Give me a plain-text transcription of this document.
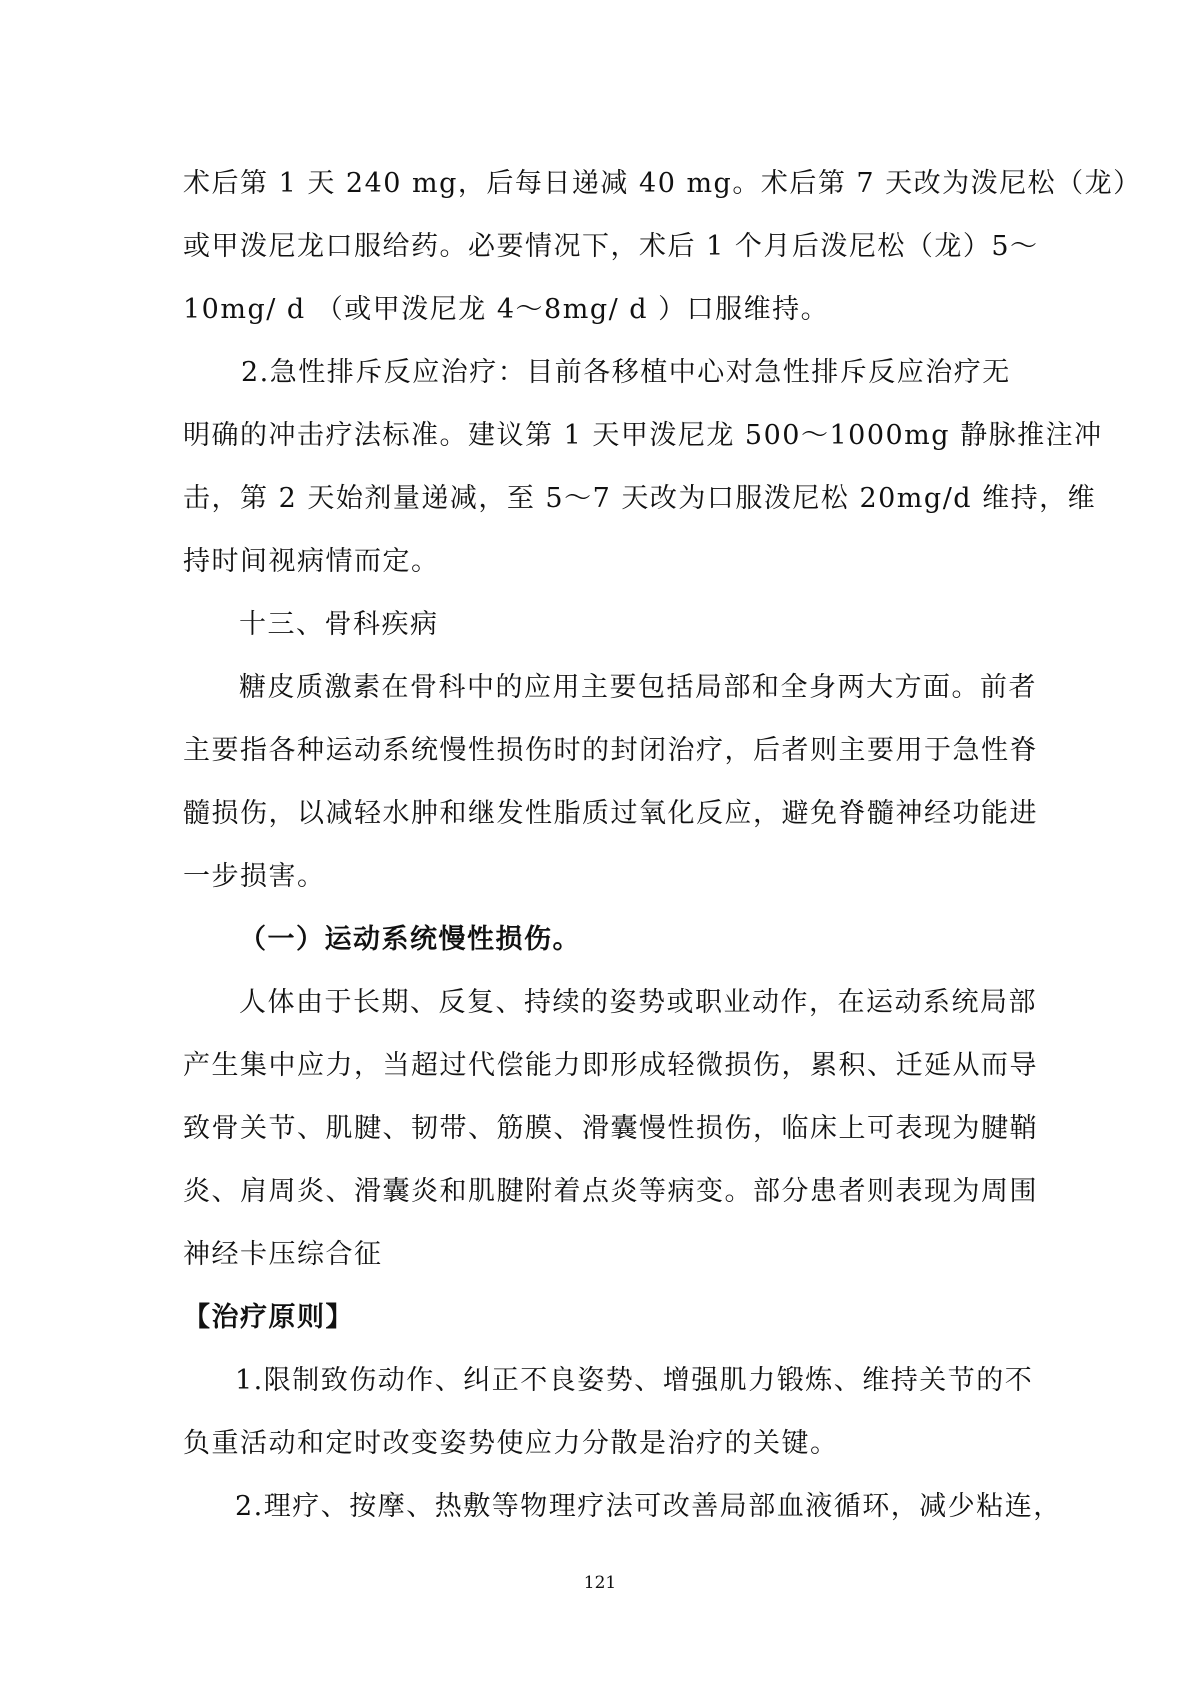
术后第 1 天 240 mg，后每日递减 40 mg。术后第 7 天改为泼尼松（龙）
或甲泼尼龙口服给药。必要情况下，术后 1 个月后泼尼松（龙）5～
10mg/ d （或甲泼尼龙 4～8mg/ d ）口服维持。
2.急性排斥反应治疗：目前各移植中心对急性排斥反应治疗无
明确的冲击疗法标准。建议第 1 天甲泼尼龙 500～1000mg 静脉推注冲
击，第 2 天始剂量递减，至 5～7 天改为口服泼尼松 20mg/d 维持，维
持时间视病情而定。
十三、骨科疾病
糖皮质激素在骨科中的应用主要包括局部和全身两大方面。前者
主要指各种运动系统慢性损伤时的封闭治疗，后者则主要用于急性脊
髓损伤，以减轻水肿和继发性脂质过氧化反应，避免脊髓神经功能进
一步损害。
（一）运动系统慢性损伤。
人体由于长期、反复、持续的姿势或职业动作，在运动系统局部
产生集中应力，当超过代偿能力即形成轻微损伤，累积、迁延从而导
致骨关节、肌腱、韧带、筋膜、滑囊慢性损伤，临床上可表现为腱鞘
炎、肩周炎、滑囊炎和肌腱附着点炎等病变。部分患者则表现为周围
神经卡压综合征
【治疗原则】
1.限制致伤动作、纠正不良姿势、增强肌力锻炼、维持关节的不
负重活动和定时改变姿势使应力分散是治疗的关键。
2.理疗、按摩、热敷等物理疗法可改善局部血液循环，减少粘连，
121
